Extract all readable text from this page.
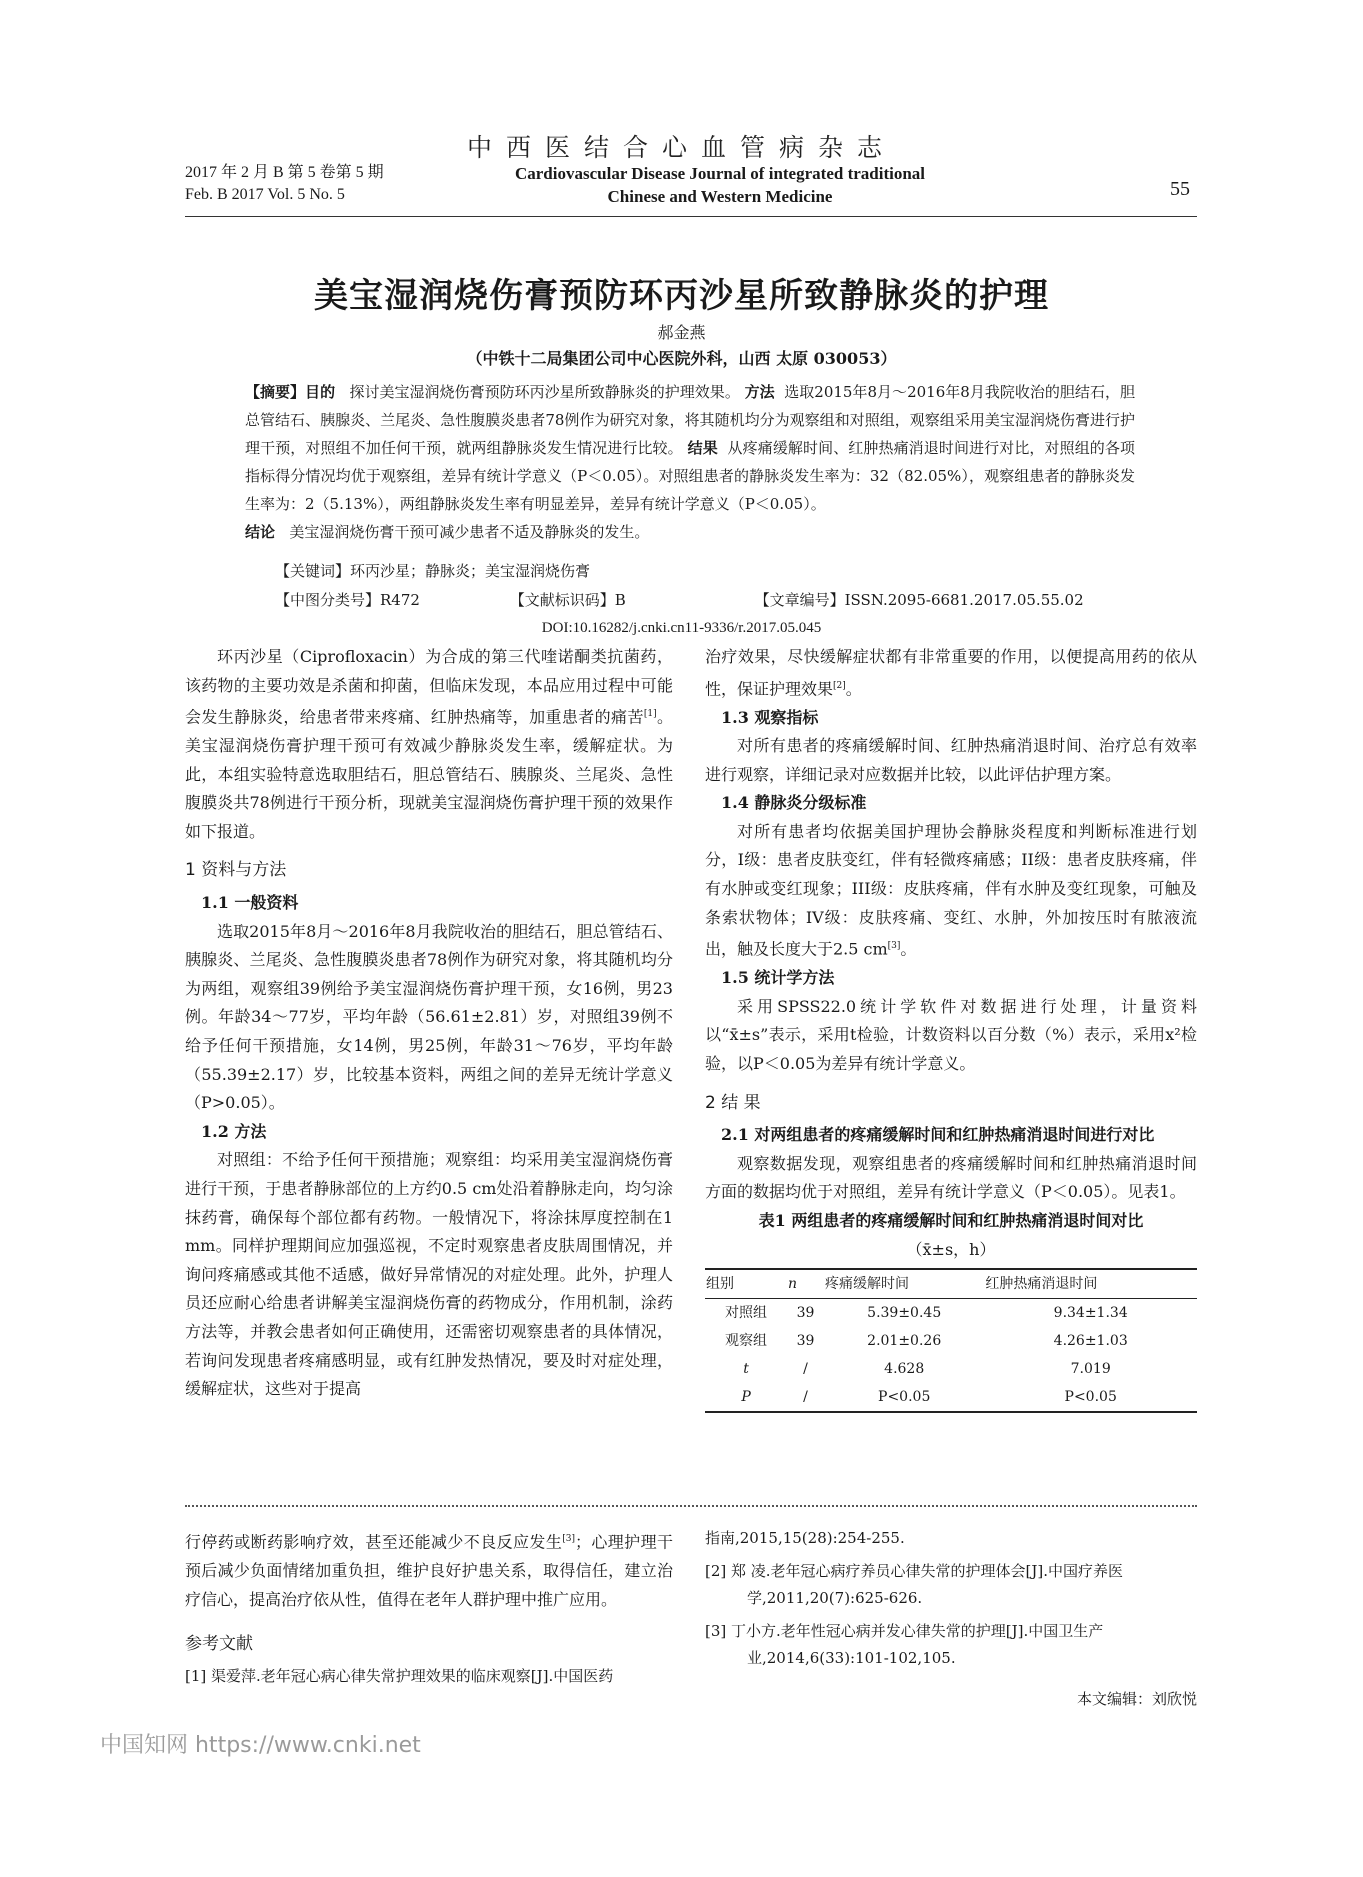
中西医结合心血管病杂志
2017 年 2 月 B 第 5 卷第 5 期
Feb. B 2017 Vol. 5 No. 5
Cardiovascular Disease Journal of integrated traditional
Chinese and Western Medicine	55
美宝湿润烧伤膏预防环丙沙星所致静脉炎的护理
郝金燕
（中铁十二局集团公司中心医院外科，山西 太原 030053）
【摘要】目的 探讨美宝湿润烧伤膏预防环丙沙星所致静脉炎的护理效果。 方法 选取2015年8月～2016年8月我院收治的胆结石，胆总管结石、胰腺炎、兰尾炎、急性腹膜炎患者78例作为研究对象，将其随机均分为观察组和对照组，观察组采用美宝湿润烧伤膏进行护理干预，对照组不加任何干预，就两组静脉炎发生情况进行比较。 结果 从疼痛缓解时间、红肿热痛消退时间进行对比，对照组的各项指标得分情况均优于观察组，差异有统计学意义（P＜0.05）。对照组患者的静脉炎发生率为：32（82.05%），观察组患者的静脉炎发生率为：2（5.13%），两组静脉炎发生率有明显差异，差异有统计学意义（P＜0.05）。
结论 美宝湿润烧伤膏干预可减少患者不适及静脉炎的发生。
【关键词】环丙沙星；静脉炎；美宝湿润烧伤膏
【中图分类号】R472	【文献标识码】B	【文章编号】ISSN.2095-6681.2017.05.55.02
DOI:10.16282/j.cnki.cn11-9336/r.2017.05.045

环丙沙星（Ciprofloxacin）为合成的第三代喹诺酮类抗菌药，该药物的主要功效是杀菌和抑菌，但临床发现，本品应用过程中可能会发生静脉炎，给患者带来疼痛、红肿热痛等，加重患者的痛苦[1]。美宝湿润烧伤膏护理干预可有效减少静脉炎发生率，缓解症状。为此，本组实验特意选取胆结石，胆总管结石、胰腺炎、兰尾炎、急性腹膜炎共78例进行干预分析，现就美宝湿润烧伤膏护理干预的效果作如下报道。

1 资料与方法

1.1 一般资料

选取2015年8月～2016年8月我院收治的胆结石，胆总管结石、胰腺炎、兰尾炎、急性腹膜炎患者78例作为研究对象，将其随机均分为两组，观察组39例给予美宝湿润烧伤膏护理干预，女16例，男23例。年龄34～77岁，平均年龄（56.61±2.81）岁，对照组39例不给予任何干预措施，女14例，男25例，年龄31～76岁，平均年龄（55.39±2.17）岁，比较基本资料，两组之间的差异无统计学意义（P>0.05）。

1.2 方法

对照组：不给予任何干预措施；观察组：均采用美宝湿润烧伤膏进行干预，于患者静脉部位的上方约0.5 cm处沿着静脉走向，均匀涂抹药膏，确保每个部位都有药物。一般情况下，将涂抹厚度控制在1 mm。同样护理期间应加强巡视，不定时观察患者皮肤周围情况，并询问疼痛感或其他不适感，做好异常情况的对症处理。此外，护理人员还应耐心给患者讲解美宝湿润烧伤膏的药物成分，作用机制，涂药方法等，并教会患者如何正确使用，还需密切观察患者的具体情况，若询问发现患者疼痛感明显，或有红肿发热情况，要及时对症处理，缓解症状，这些对于提高

治疗效果，尽快缓解症状都有非常重要的作用，以便提高用药的依从性，保证护理效果[2]。

1.3 观察指标

对所有患者的疼痛缓解时间、红肿热痛消退时间、治疗总有效率进行观察，详细记录对应数据并比较，以此评估护理方案。

1.4 静脉炎分级标准

对所有患者均依据美国护理协会静脉炎程度和判断标准进行划分，I级：患者皮肤变红，伴有轻微疼痛感；II级：患者皮肤疼痛，伴有水肿或变红现象；III级：皮肤疼痛，伴有水肿及变红现象，可触及条索状物体；IV级：皮肤疼痛、变红、水肿，外加按压时有脓液流出，触及长度大于2.5 cm[3]。

1.5 统计学方法

采用SPSS22.0统计学软件对数据进行处理，计量资料以“x̄±s”表示，采用t检验，计数资料以百分数（%）表示，采用x²检验，以P＜0.05为差异有统计学意义。

2 结 果

2.1 对两组患者的疼痛缓解时间和红肿热痛消退时间进行对比

观察数据发现，观察组患者的疼痛缓解时间和红肿热痛消退时间方面的数据均优于对照组，差异有统计学意义（P＜0.05）。见表1。

表1 两组患者的疼痛缓解时间和红肿热痛消退时间对比

（x̄±s，h）

组别	n	疼痛缓解时间	红肿热痛消退时间
对照组	39	5.39±0.45	9.34±1.34
观察组	39	2.01±0.26	4.26±1.03
t	/	4.628	7.019
P	/	P<0.05	P<0.05

行停药或断药影响疗效，甚至还能减少不良反应发生[3]；心理护理干预后减少负面情绪加重负担，维护良好护患关系，取得信任，建立治疗信心，提高治疗依从性，值得在老年人群护理中推广应用。

参考文献
[1] 渠爱萍.老年冠心病心律失常护理效果的临床观察[J].中国医药
指南,2015,15(28):254-255.
[2] 郑 凌.老年冠心病疗养员心律失常的护理体会[J].中国疗养医学,2011,20(7):625-626.
[3] 丁小方.老年性冠心病并发心律失常的护理[J].中国卫生产业,2014,6(33):101-102,105.
本文编辑：刘欣悦
中国知网 https://www.cnki.net
